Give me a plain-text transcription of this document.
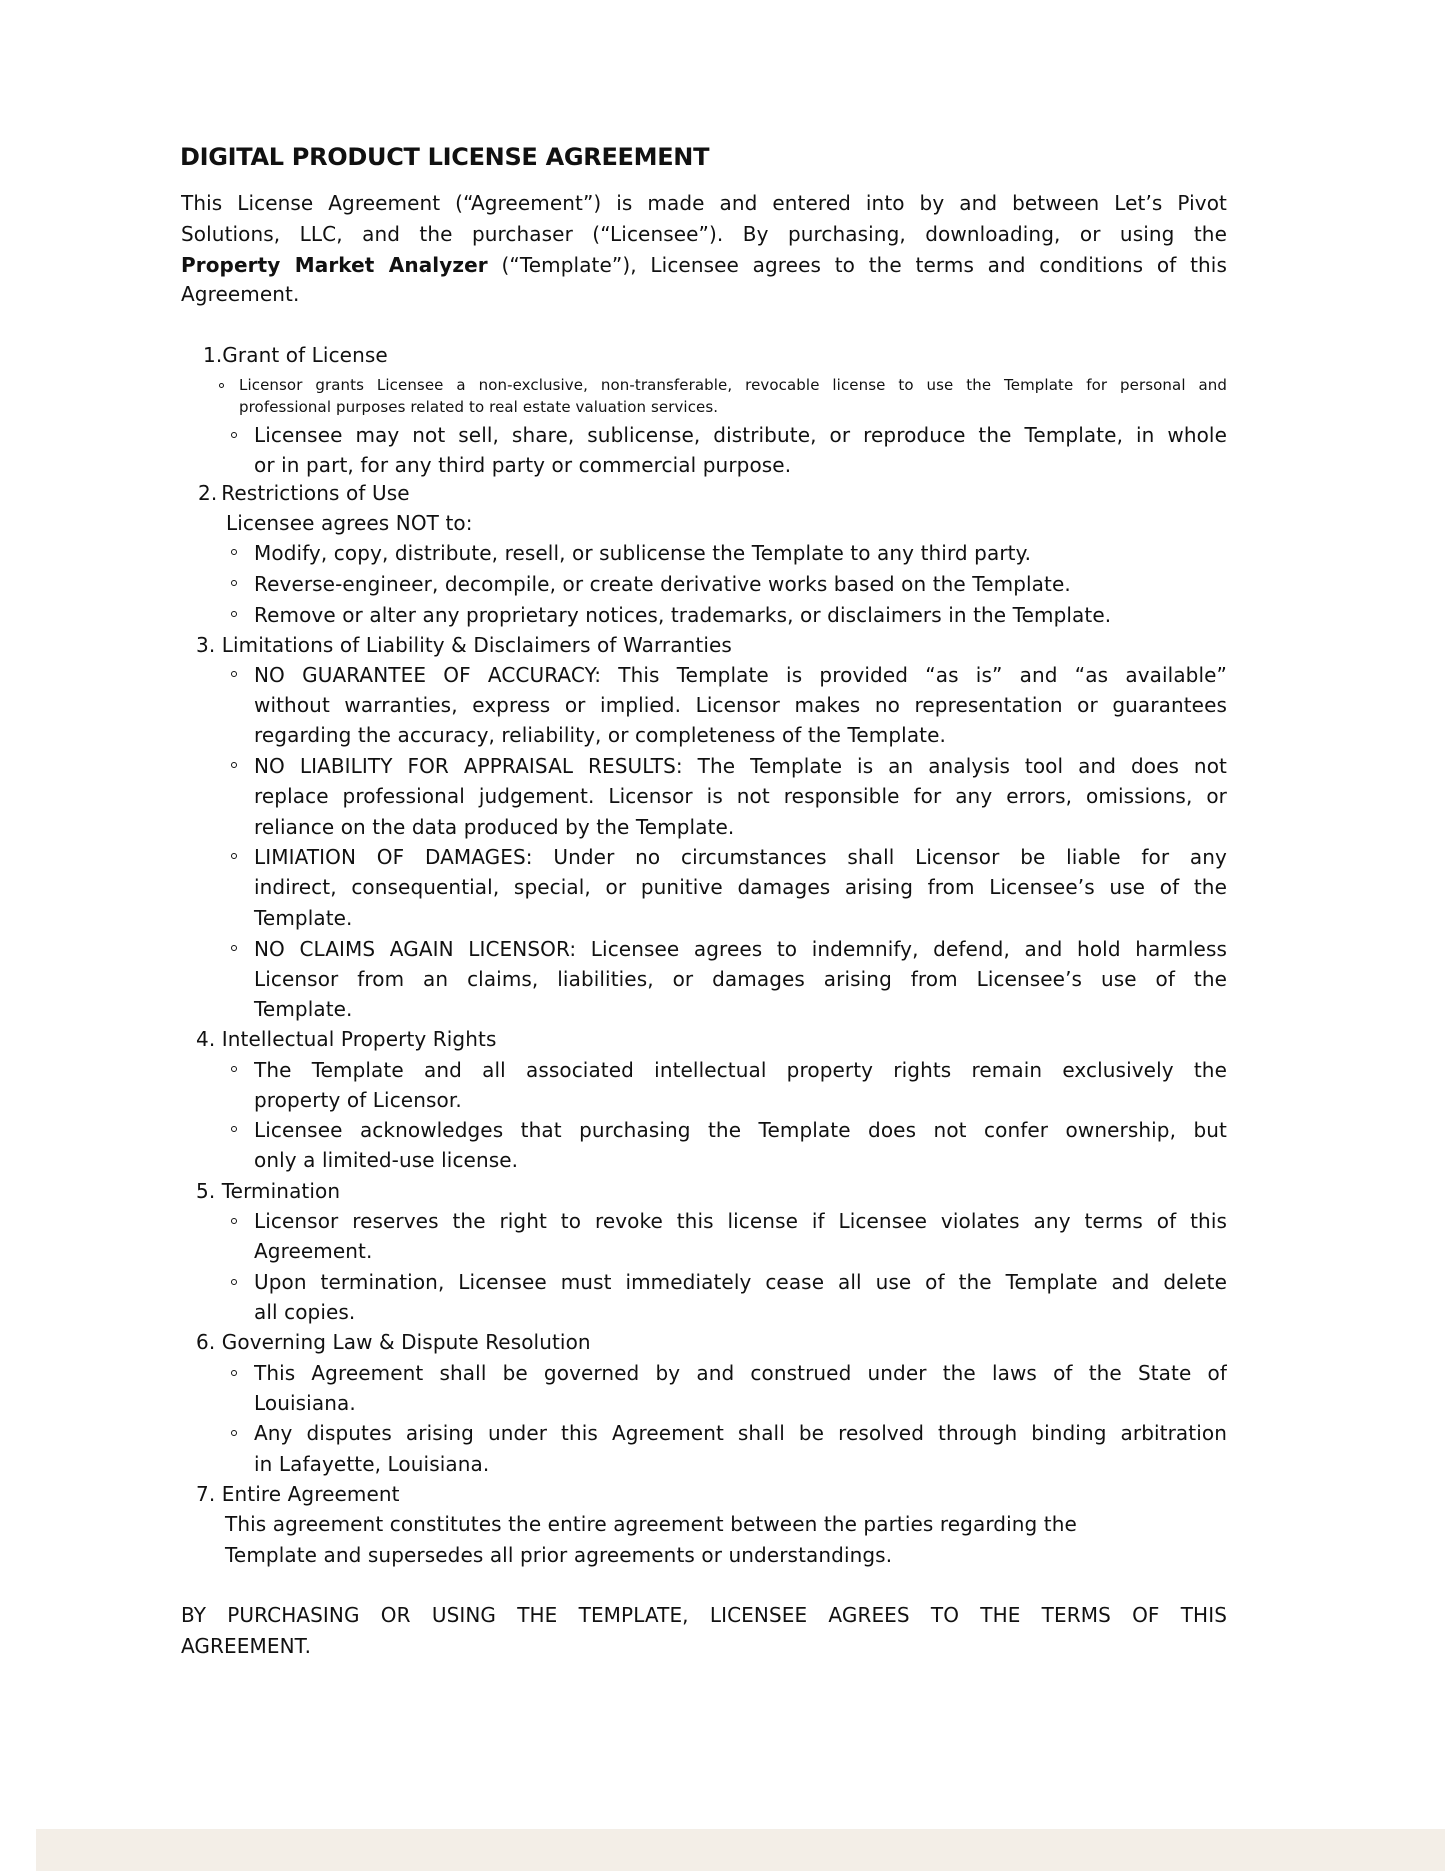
DIGITAL PRODUCT LICENSE AGREEMENT
This License Agreement (“Agreement”) is made and entered into by and between Let’s Pivot
Solutions, LLC, and the purchaser (“Licensee”). By purchasing, downloading, or using the
Property Market Analyzer (“Template”), Licensee agrees to the terms and conditions of this
Agreement.
1.Grant of License
Licensor grants Licensee a non-exclusive, non-transferable, revocable license to use the Template for personal and
professional purposes related to real estate valuation services.
Licensee may not sell, share, sublicense, distribute, or reproduce the Template, in whole
or in part, for any third party or commercial purpose.
2. Restrictions of Use
Licensee agrees NOT to:
Modify, copy, distribute, resell, or sublicense the Template to any third party.
Reverse-engineer, decompile, or create derivative works based on the Template.
Remove or alter any proprietary notices, trademarks, or disclaimers in the Template.
3. Limitations of Liability & Disclaimers of Warranties
NO GUARANTEE OF ACCURACY: This Template is provided “as is” and “as available”
without warranties, express or implied. Licensor makes no representation or guarantees
regarding the accuracy, reliability, or completeness of the Template.
NO LIABILITY FOR APPRAISAL RESULTS: The Template is an analysis tool and does not
replace professional judgement. Licensor is not responsible for any errors, omissions, or
reliance on the data produced by the Template.
LIMIATION OF DAMAGES: Under no circumstances shall Licensor be liable for any
indirect, consequential, special, or punitive damages arising from Licensee’s use of the
Template.
NO CLAIMS AGAIN LICENSOR: Licensee agrees to indemnify, defend, and hold harmless
Licensor from an claims, liabilities, or damages arising from Licensee’s use of the
Template.
4. Intellectual Property Rights
The Template and all associated intellectual property rights remain exclusively the
property of Licensor.
Licensee acknowledges that purchasing the Template does not confer ownership, but
only a limited-use license.
5. Termination
Licensor reserves the right to revoke this license if Licensee violates any terms of this
Agreement.
Upon termination, Licensee must immediately cease all use of the Template and delete
all copies.
6. Governing Law & Dispute Resolution
This Agreement shall be governed by and construed under the laws of the State of
Louisiana.
Any disputes arising under this Agreement shall be resolved through binding arbitration
in Lafayette, Louisiana.
7. Entire Agreement
This agreement constitutes the entire agreement between the parties regarding the
Template and supersedes all prior agreements or understandings.
BY PURCHASING OR USING THE TEMPLATE, LICENSEE AGREES TO THE TERMS OF THIS
AGREEMENT.
